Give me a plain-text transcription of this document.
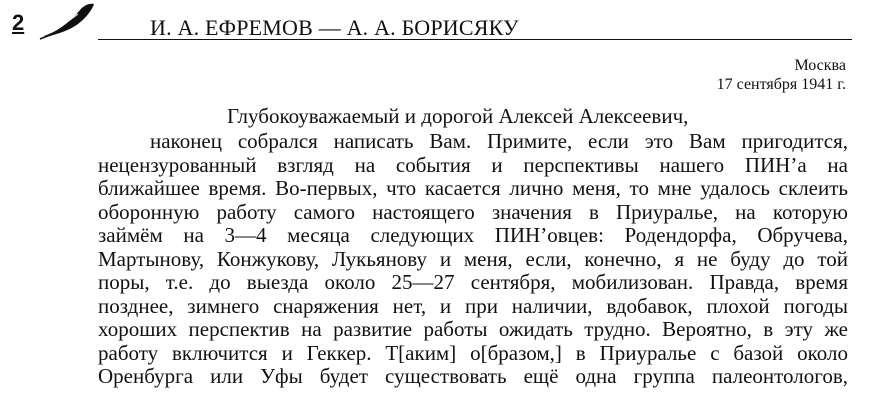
2	И. А. ЕФРЕМОВ — А. А. БОРИСЯКУ
Москва
17 сентября 1941 г.
Глубокоуважаемый и дорогой Алексей Алексеевич,
наконец собрался написать Вам. Примите, если это Вам пригодится,
нецензурованный взгляд на события и перспективы нашего ПИН’а на
ближайшее время. Во-первых, что касается лично меня, то мне удалось склеить
оборонную работу самого настоящего значения в Приуралье, на которую
займём на 3—4 месяца следующих ПИН’овцев: Родендорфа, Обручева,
Мартынову, Конжукову, Лукьянову и меня, если, конечно, я не буду до той
поры, т.е. до выезда около 25—27 сентября, мобилизован. Правда, время
позднее, зимнего снаряжения нет, и при наличии, вдобавок, плохой погоды
хороших перспектив на развитие работы ожидать трудно. Вероятно, в эту же
работу включится и Геккер. Т[аким] о[бразом,] в Приуралье с базой около
Оренбурга или Уфы будет существовать ещё одна группа палеонтологов,
